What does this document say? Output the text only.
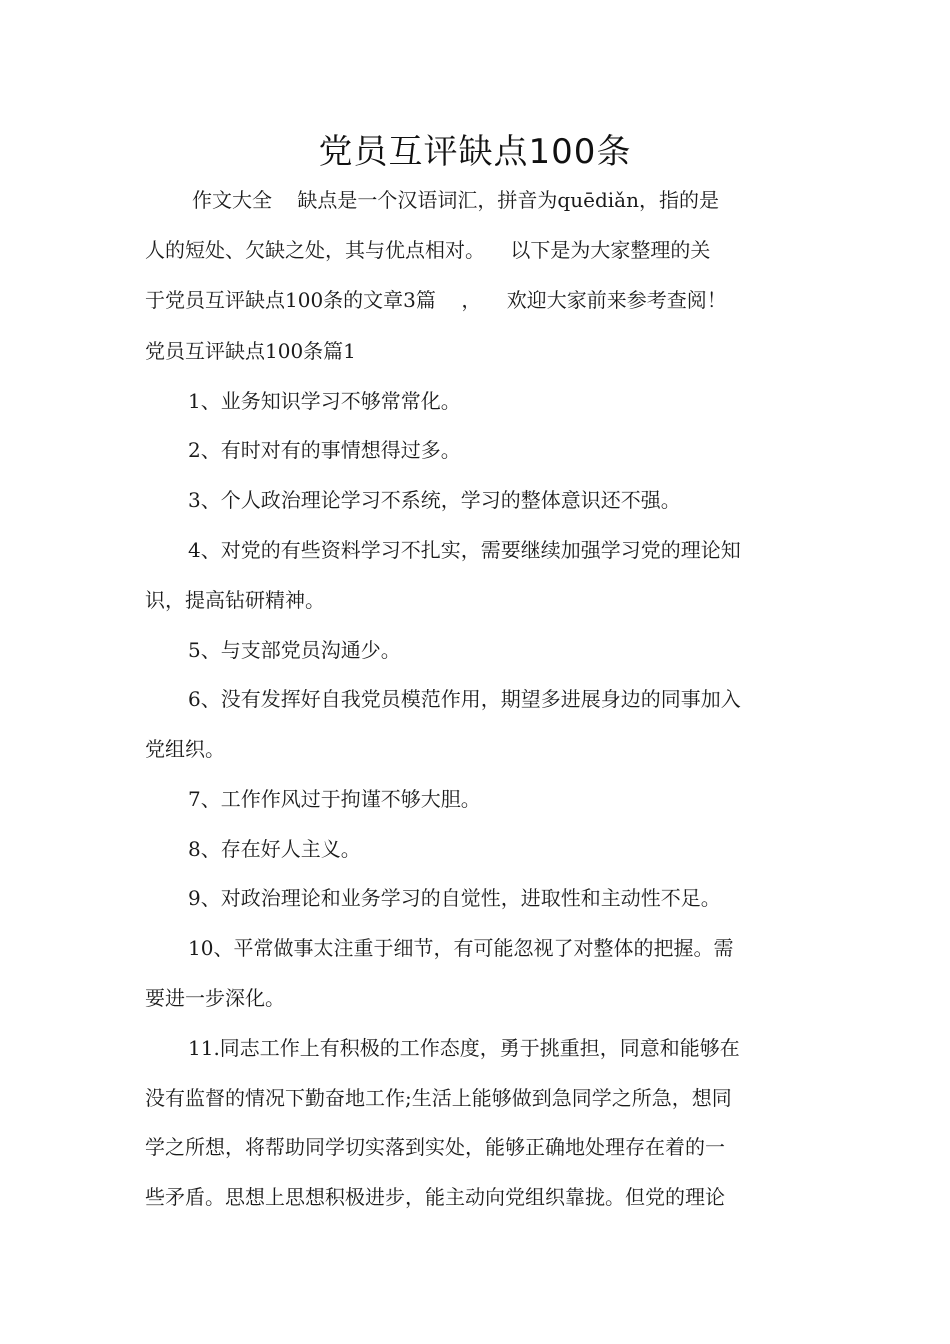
党员互评缺点100条
作文大全    缺点是一个汉语词汇，拼音为quēdiǎn，指的是
人的短处、欠缺之处，其与优点相对。    以下是为大家整理的关
于党员互评缺点100条的文章3篇    ，    欢迎大家前来参考查阅！
党员互评缺点100条篇1
1、业务知识学习不够常常化。
2、有时对有的事情想得过多。
3、个人政治理论学习不系统，学习的整体意识还不强。
4、对党的有些资料学习不扎实，需要继续加强学习党的理论知
识，提高钻研精神。
5、与支部党员沟通少。
6、没有发挥好自我党员模范作用，期望多进展身边的同事加入
党组织。
7、工作作风过于拘谨不够大胆。
8、存在好人主义。
9、对政治理论和业务学习的自觉性，进取性和主动性不足。
10、平常做事太注重于细节，有可能忽视了对整体的把握。需
要进一步深化。
11.同志工作上有积极的工作态度，勇于挑重担，同意和能够在
没有监督的情况下勤奋地工作;生活上能够做到急同学之所急，想同
学之所想，将帮助同学切实落到实处，能够正确地处理存在着的一
些矛盾。思想上思想积极进步，能主动向党组织靠拢。但党的理论
